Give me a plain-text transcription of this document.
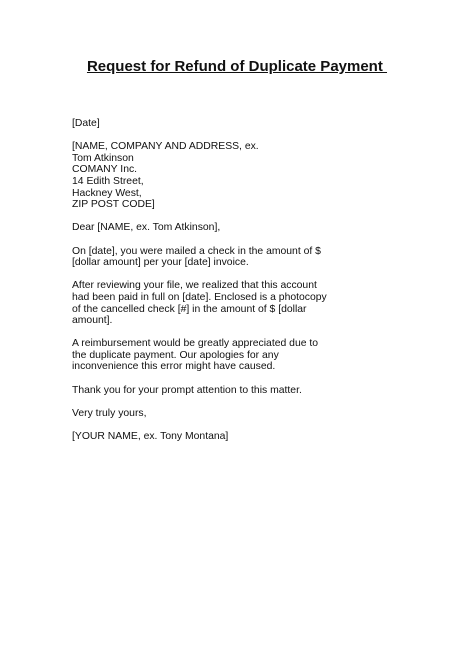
Request for Refund of Duplicate Payment
[Date]
[NAME, COMPANY AND ADDRESS, ex.
Tom Atkinson
COMANY Inc.
14 Edith Street,
Hackney West,
ZIP POST CODE]
Dear [NAME, ex. Tom Atkinson],
On [date], you were mailed a check in the amount of $
[dollar amount] per your [date] invoice.
After reviewing your file, we realized that this account
had been paid in full on [date]. Enclosed is a photocopy
of the cancelled check [#] in the amount of $ [dollar
amount].
A reimbursement would be greatly appreciated due to
the duplicate payment. Our apologies for any
inconvenience this error might have caused.
Thank you for your prompt attention to this matter.
Very truly yours,
[YOUR NAME, ex. Tony Montana]
